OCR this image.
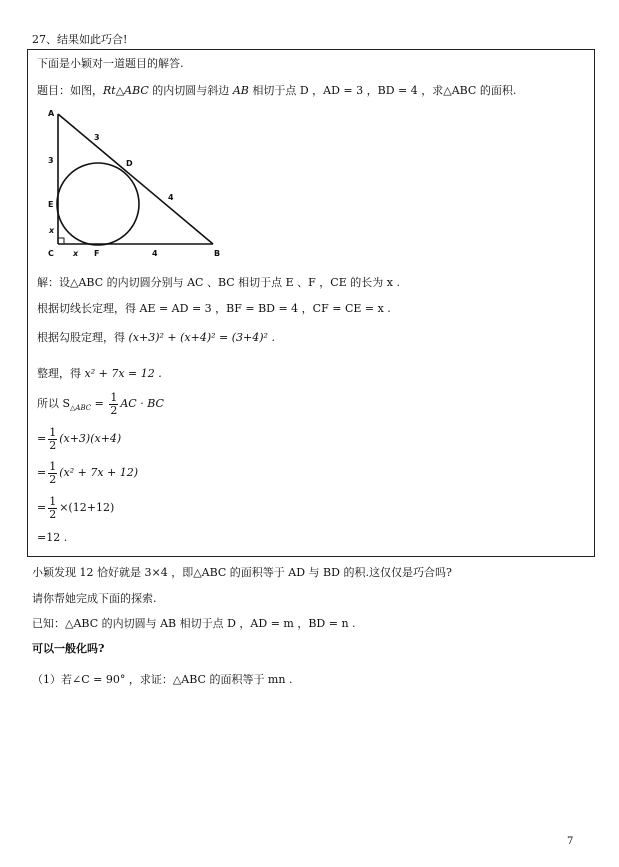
27、结果如此巧合!
下面是小颖对一道题目的解答.
题目：如图，Rt△ABC 的内切圆与斜边 AB 相切于点 D ，AD = 3 ，BD = 4 ，求△ABC 的面积.
A
B
C
D
E
F
3
3
4
4
x
x
解：设△ABC 的内切圆分别与 AC 、BC 相切于点 E 、F ，CE 的长为 x .
根据切线长定理，得 AE = AD = 3 ，BF = BD = 4 ，CF = CE = x .
根据勾股定理，得 (x+3)² + (x+4)² = (3+4)² .
整理，得 x² + 7x = 12 .
所以 $S_{\triangle ABC} = \frac{1}{2}$ AC · BC
= $\frac{1}{2} (x+3)(x+4)$
= $\frac{1}{2} (x^2 + 7x + 12)$
= $\frac{1}{2} \times(12+12)$
=12 .
小颖发现 12 恰好就是 3×4 ，即△ABC 的面积等于 AD 与 BD 的积.这仅仅是巧合吗?
请你帮她完成下面的探索.
已知：△ABC 的内切圆与 AB 相切于点 D ，AD = m ，BD = n .
可以一般化吗?
（1）若∠C = 90° ，求证：△ABC 的面积等于 mn .
7
